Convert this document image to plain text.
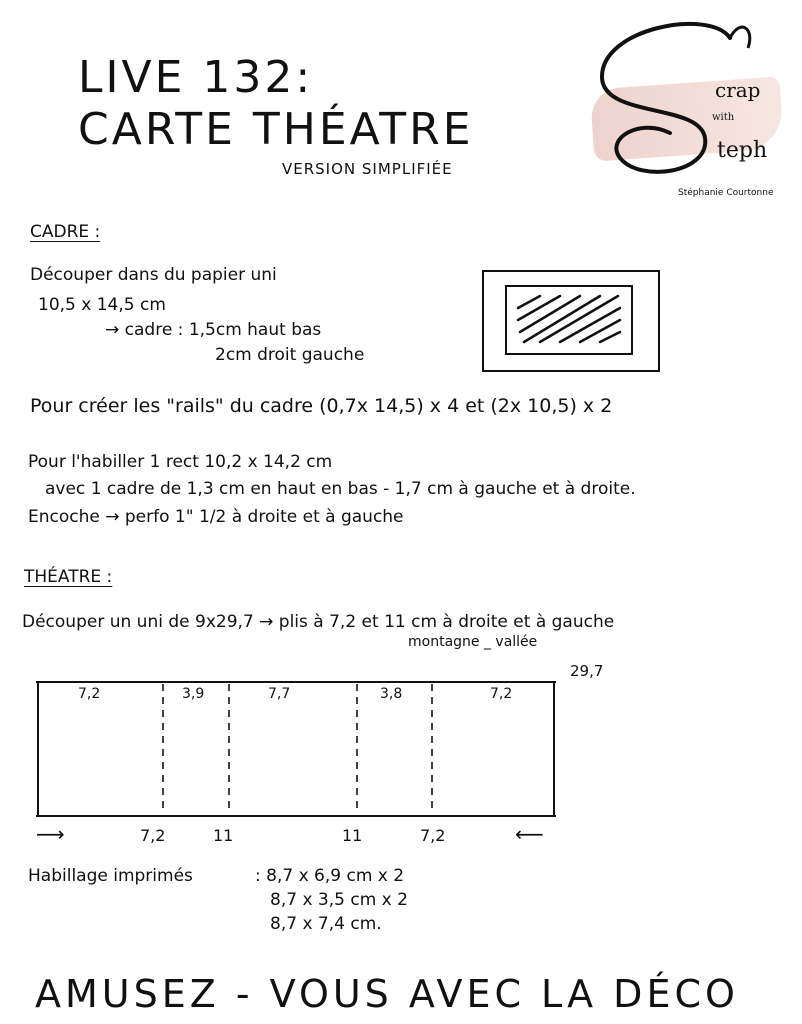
LIVE 132:
CARTE THÉATRE
VERSION SIMPLIFIÉE
crap
with
teph
Stéphanie Courtonne
CADRE :
Découper dans du papier uni
10,5 x 14,5 cm
→ cadre : 1,5cm haut bas
2cm droit gauche
Pour créer les "rails" du cadre (0,7x 14,5) x 4 et (2x 10,5) x 2
Pour l'habiller 1 rect 10,2 x 14,2 cm
avec 1 cadre de 1,3 cm en haut en bas - 1,7 cm à gauche et à droite.
Encoche → perfo 1" 1/2 à droite et à gauche
THÉATRE :
Découper un uni de 9x29,7 → plis à 7,2 et 11 cm à droite et à gauche
montagne _ vallée
29,7
7,2	3,9	7,7	3,8	7,2
⟶	7,2	11	11	7,2	⟵
Habillage imprimés	: 8,7 x 6,9 cm x 2
8,7 x 3,5 cm x 2
8,7 x 7,4 cm.
AMUSEZ - VOUS AVEC LA DÉCO
